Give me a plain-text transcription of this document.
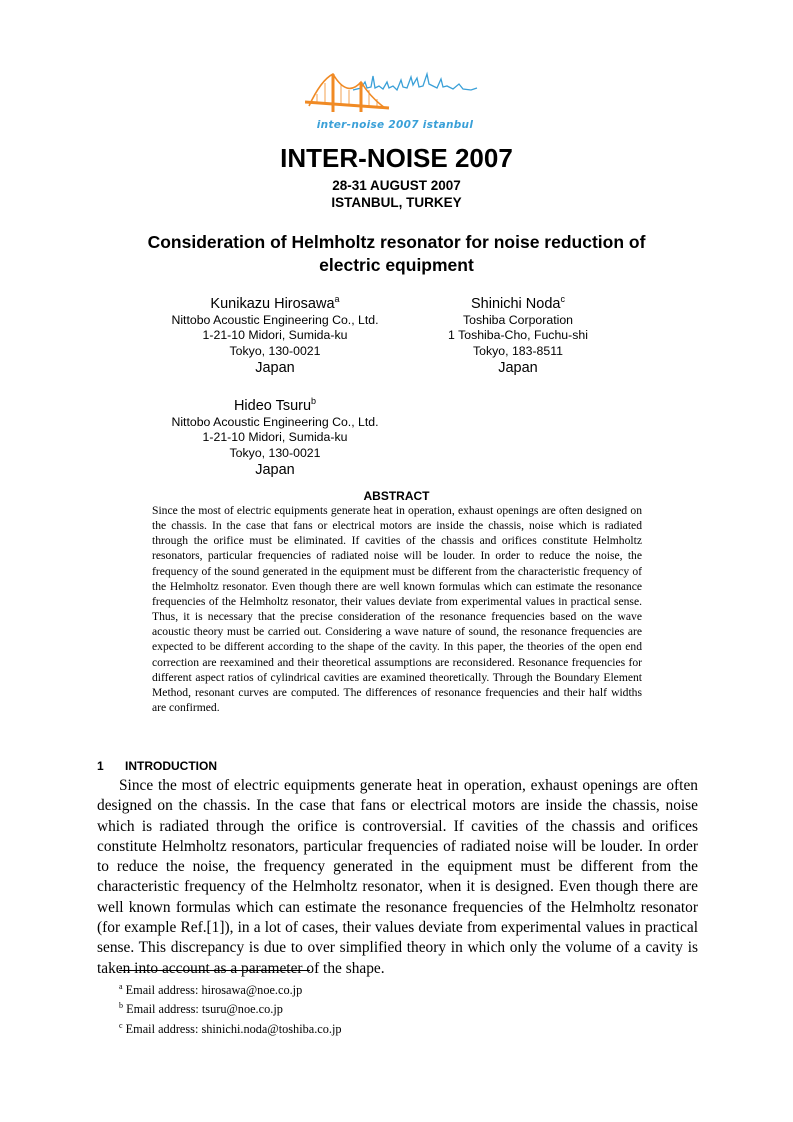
inter-noise 2007 istanbul
INTER-NOISE 2007
28-31 AUGUST 2007
ISTANBUL, TURKEY
Consideration of Helmholtz resonator for noise reduction of
electric equipment
Kunikazu Hirosawa$^a$
Nittobo Acoustic Engineering Co., Ltd.
1-21-10 Midori, Sumida-ku
Tokyo, 130-0021
Japan
Shinichi Noda$^c$
Toshiba Corporation
1 Toshiba-Cho, Fuchu-shi
Tokyo, 183-8511
Japan
Hideo Tsuru$^b$
Nittobo Acoustic Engineering Co., Ltd.
1-21-10 Midori, Sumida-ku
Tokyo, 130-0021
Japan
ABSTRACT
Since the most of electric equipments generate heat in operation, exhaust openings are often designed on the chassis. In the case that fans or electrical motors are inside the chassis, noise which is radiated through the orifice must be eliminated. If cavities of the chassis and orifices constitute Helmholtz resonators, particular frequencies of radiated noise will be louder. In order to reduce the noise, the frequency of the sound generated in the equipment must be different from the characteristic frequency of the Helmholtz resonator. Even though there are well known formulas which can estimate the resonance frequencies of the Helmholtz resonator, their values deviate from experimental values in practical sense. Thus, it is necessary that the precise consideration of the resonance frequencies based on the wave acoustic theory must be carried out. Considering a wave nature of sound, the resonance frequencies are expected to be different according to the shape of the cavity. In this paper, the theories of the open end correction are reexamined and their theoretical assumptions are reconsidered. Resonance frequencies for different aspect ratios of cylindrical cavities are examined theoretically. Through the Boundary Element Method, resonant curves are computed. The differences of resonance frequencies and their half widths are confirmed.
1 INTRODUCTION
Since the most of electric equipments generate heat in operation, exhaust openings are often designed on the chassis. In the case that fans or electrical motors are inside the chassis, noise which is radiated through the orifice is controversial. If cavities of the chassis and orifices constitute Helmholtz resonators, particular frequencies of radiated noise will be louder. In order to reduce the noise, the frequency generated in the equipment must be different from the characteristic frequency of the Helmholtz resonator, when it is designed. Even though there are well known formulas which can estimate the resonance frequencies of the Helmholtz resonator (for example Ref.[1]), in a lot of cases, their values deviate from experimental values in practical sense. This discrepancy is due to over simplified theory in which only the volume of a cavity is taken into account as a parameter of the shape.
$^a$ Email address: hirosawa@noe.co.jp
$^b$ Email address: tsuru@noe.co.jp
$^c$ Email address: shinichi.noda@toshiba.co.jp
